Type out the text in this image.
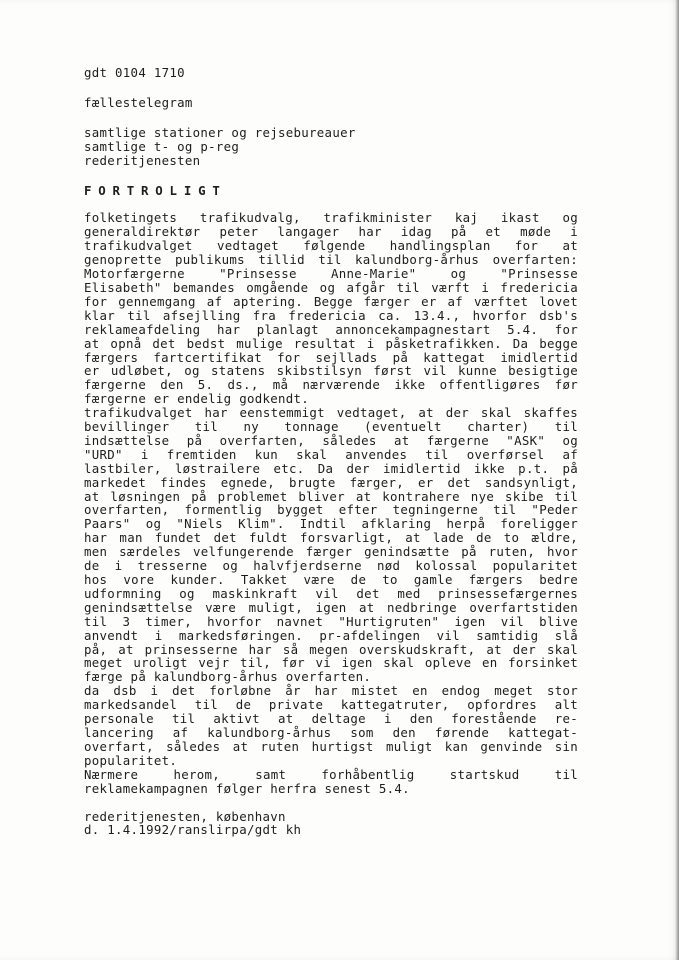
gdt 0104 1710
fællestelegram
samtlige stationer og rejsebureauer
samtlige t- og p-reg
rederitjenesten
FORTROLIGT
folketingets trafikudvalg, trafikminister kaj ikast og
generaldirektør peter langager har idag på et møde i
trafikudvalget vedtaget følgende handlingsplan for at
genoprette publikums tillid til kalundborg-århus overfarten:
Motorfærgerne "Prinsesse Anne-Marie" og "Prinsesse
Elisabeth" bemandes omgående og afgår til værft i fredericia
for gennemgang af aptering. Begge færger er af værftet lovet
klar til afsejlling fra fredericia ca. 13.4., hvorfor dsb's
reklameafdeling har planlagt annoncekampagnestart 5.4. for
at opnå det bedst mulige resultat i påsketrafikken. Da begge
færgers fartcertifikat for sejllads på kattegat imidlertid
er udløbet, og statens skibstilsyn først vil kunne besigtige
færgerne den 5. ds., må nærværende ikke offentligøres før
færgerne er endelig godkendt.
trafikudvalget har eenstemmigt vedtaget, at der skal skaffes
bevillinger til ny tonnage (eventuelt charter) til
indsættelse på overfarten, således at færgerne "ASK" og
"URD" i fremtiden kun skal anvendes til overførsel af
lastbiler, løstrailere etc. Da der imidlertid ikke p.t. på
markedet findes egnede, brugte færger, er det sandsynligt,
at løsningen på problemet bliver at kontrahere nye skibe til
overfarten, formentlig bygget efter tegningerne til "Peder
Paars" og "Niels Klim". Indtil afklaring herpå foreligger
har man fundet det fuldt forsvarligt, at lade de to ældre,
men særdeles velfungerende færger genindsætte på ruten, hvor
de i tresserne og halvfjerdserne nød kolossal popularitet
hos vore kunder. Takket være de to gamle færgers bedre
udformning og maskinkraft vil det med prinsessefærgernes
genindsættelse være muligt, igen at nedbringe overfartstiden
til 3 timer, hvorfor navnet "Hurtigruten" igen vil blive
anvendt i markedsføringen. pr-afdelingen vil samtidig slå
på, at prinsesserne har så megen overskudskraft, at der skal
meget uroligt vejr til, før vi igen skal opleve en forsinket
færge på kalundborg-århus overfarten.
da dsb i det forløbne år har mistet en endog meget stor
markedsandel til de private kattegatruter, opfordres alt
personale til aktivt at deltage i den forestående re-
lancering af kalundborg-århus som den førende kattegat-
overfart, således at ruten hurtigst muligt kan genvinde sin
popularitet.
Nærmere herom, samt forhåbentlig startskud til
reklamekampagnen følger herfra senest 5.4.
rederitjenesten, københavn
d. 1.4.1992/ranslirpa/gdt kh
